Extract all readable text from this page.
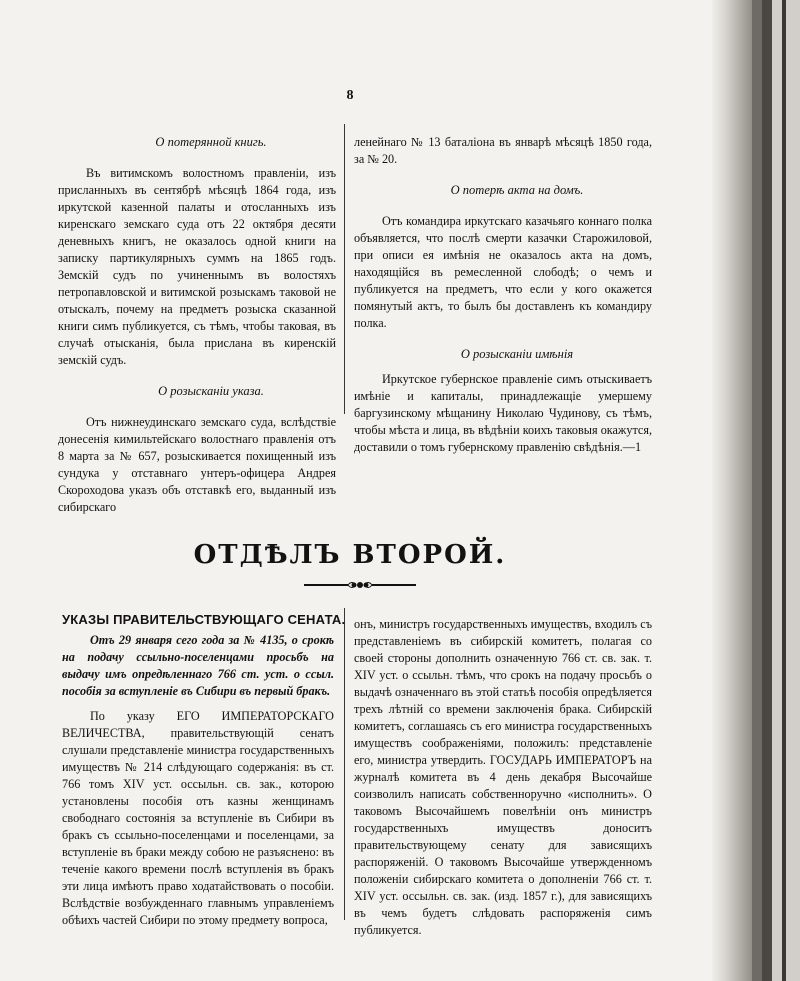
8

О потерянной книгь.

Въ витимскомъ волостномъ правленіи, изъ присланныхъ въ сентябрѣ мѣсяцѣ 1864 года, изъ иркутской казенной палаты и отосланныхъ изъ киренскаго земскаго суда отъ 22 октября десяти деневныхъ книгъ, не оказалось одной книги на записку партикулярныхъ суммъ на 1865 годъ. Земскій судъ по учиненнымъ въ волостяхъ петропавловской и витимской розыскамъ таковой не отыскалъ, почему на предметъ розыска сказанной книги симъ публикуется, съ тѣмъ, чтобы таковая, въ случаѣ отысканія, была прислана въ киренскій земскій судъ.

О розысканіи указа.

Отъ нижнеудинскаго земскаго суда, вслѣдствіе донесенія кимильтейскаго волостнаго правленія отъ 8 марта за № 657, розыскивается похищенный изъ сундука у отставнаго унтеръ-офицера Андрея Скороходова указъ объ отставкѣ его, выданный изъ сибирскаго

ленейнаго № 13 баталіона въ январѣ мѣсяцѣ 1850 года, за № 20.

О потерѣ акта на домъ.

Отъ командира иркутскаго казачьяго коннаго полка объявляется, что послѣ смерти казачки Старожиловой, при описи ея имѣнія не оказалось акта на домъ, находящійся въ ремесленной слободѣ; о чемъ и публикуется на предметъ, что если у кого окажется помянутый актъ, то былъ бы доставленъ къ командиру полка.

О розысканіи имѣнія

Иркутское губернское правленіе симъ отыскиваетъ имѣніе и капиталы, принадлежащіе умершему баргузинскому мѣщанину Николаю Чудинову, съ тѣмъ, чтобы мѣста и лица, въ вѣдѣніи коихъ таковыя окажутся, доставили о томъ губернскому правленію свѣдѣнія.—1

ОТДѢЛЪ ВТОРОЙ.
УКАЗЫ ПРАВИТЕЛЬСТВУЮЩАГО СЕНАТА.

Отъ 29 января сего года за № 4135, о срокѣ на подачу ссыльно-поселенцами просьбъ на выдачу имъ опредѣленнаго 766 ст. уст. о ссыл. пособія за вступленіе въ Сибири въ первый бракъ.

По указу ЕГО ИМПЕРАТОРСКАГО ВЕЛИЧЕСТВА, правительствующій сенатъ слушали представленіе министра государственныхъ имуществъ № 214 слѣдующаго содержанія: въ ст. 766 томъ XIV уст. оссыльн. св. зак., которою установлены пособія отъ казны женщинамъ свободнаго состоянія за вступленіе въ Сибири въ бракъ съ ссыльно-поселенцами и поселенцами, за вступленіе въ браки между собою не разъяснено: въ теченіе какого времени послѣ вступленія въ бракъ эти лица имѣютъ право ходатайствовать о пособіи. Вслѣдствіе возбужденнаго главнымъ управленіемъ обѣихъ частей Сибири по этому предмету вопроса,

онъ, министръ государственныхъ имуществъ, входилъ съ представленіемъ въ сибирскій комитетъ, полагая со своей стороны дополнить означенную 766 ст. св. зак. т. XIV уст. о ссыльн. тѣмъ, что срокъ на подачу просьбъ о выдачѣ означеннаго въ этой статьѣ пособія опредѣляется трехъ лѣтній со времени заключенія брака. Сибирскій комитетъ, соглашаясь съ его министра государственныхъ имуществъ соображеніями, положилъ: представленіе его, министра утвердить. ГОСУДАРЬ ИМПЕРАТОРЪ на журналѣ комитета въ 4 день декабря Высочайше соизволилъ написать собственноручно «исполнить». О таковомъ Высочайшемъ повелѣніи онъ министръ государственныхъ имуществъ доноситъ правительствующему сенату для зависящихъ распоряженій. О таковомъ Высочайше утвержденномъ положеніи сибирскаго комитета о дополненіи 766 ст. т. XIV уст. оссыльн. св. зак. (изд. 1857 г.), для зависящихъ въ чемъ будетъ слѣдовать распоряженія симъ публикуется.
